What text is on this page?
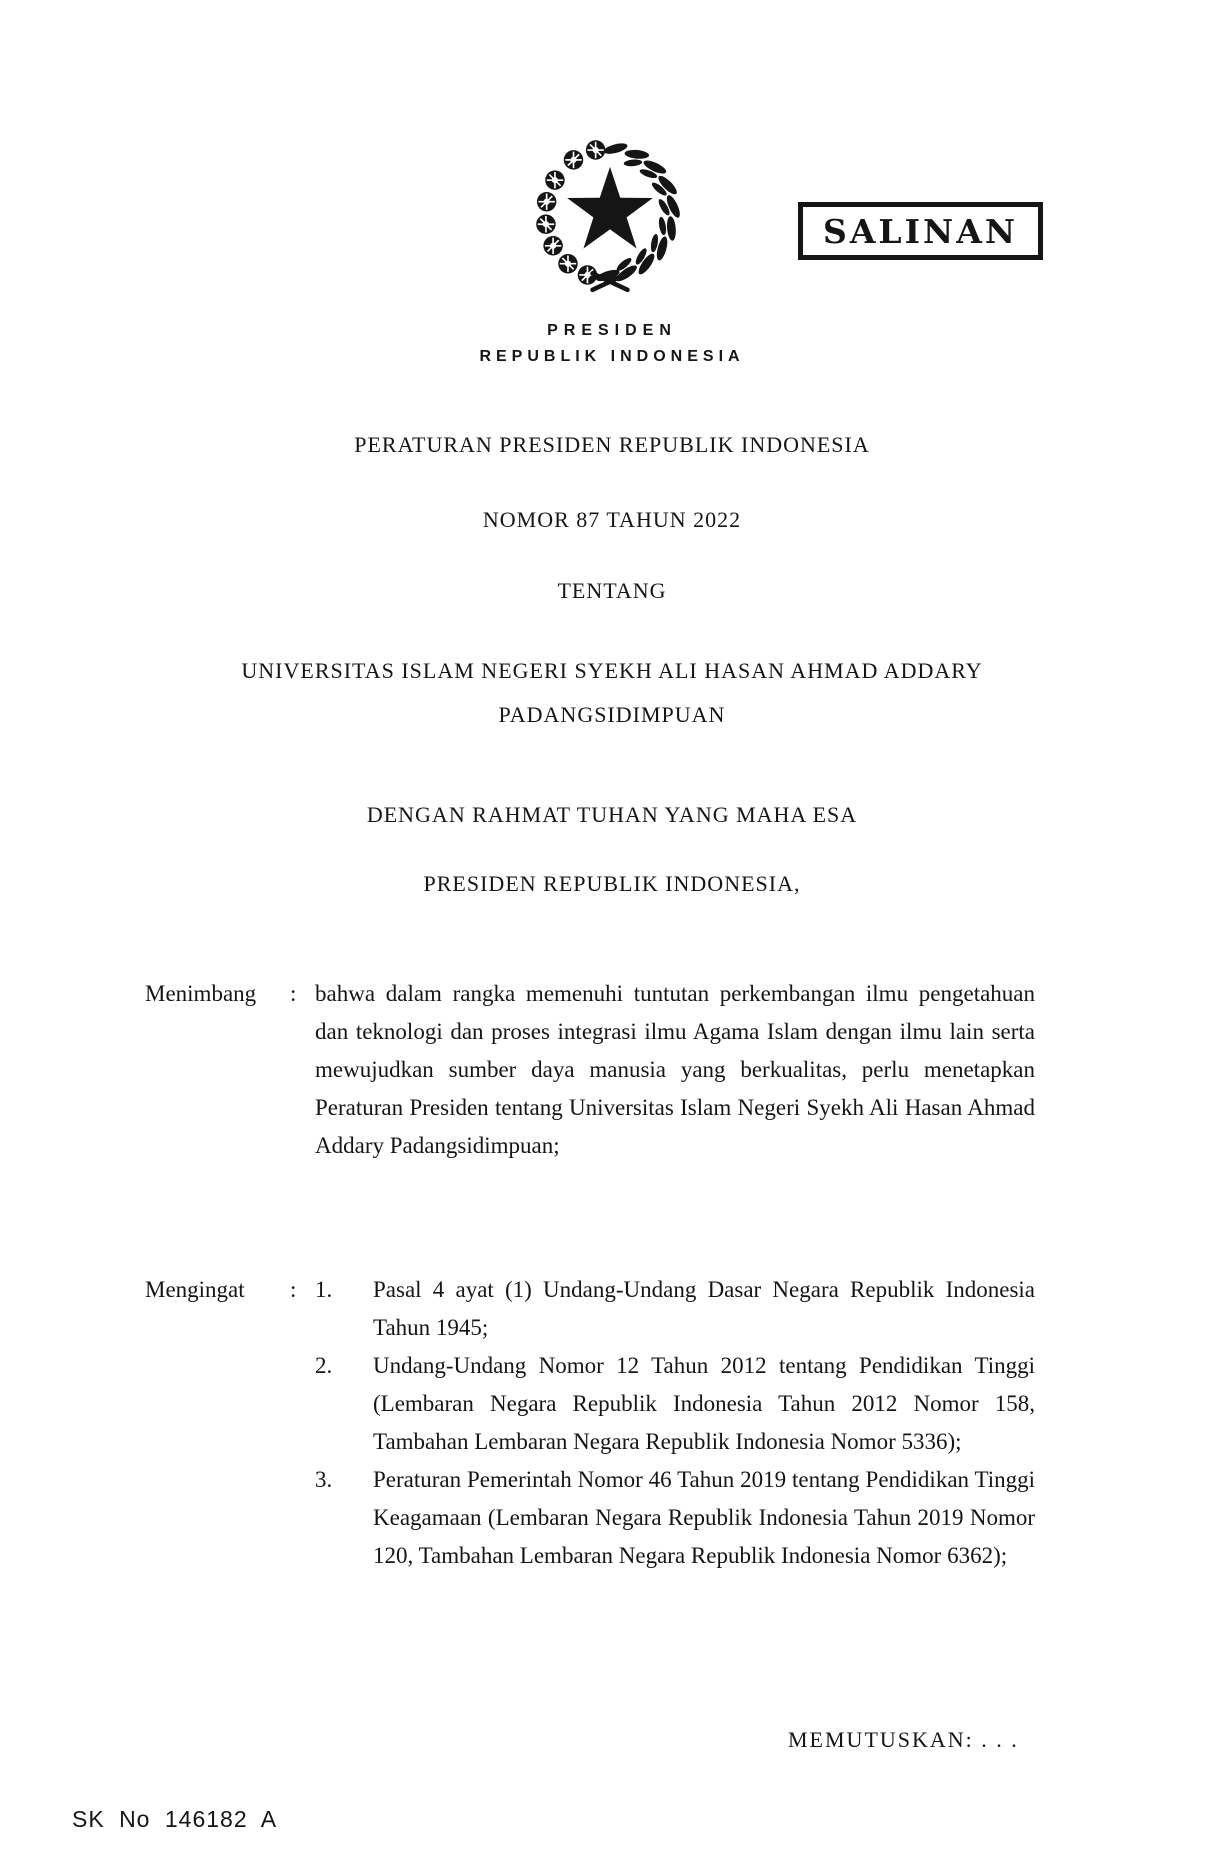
SALINAN
PRESIDEN
REPUBLIK INDONESIA
PERATURAN PRESIDEN REPUBLIK INDONESIA
NOMOR 87 TAHUN 2022
TENTANG
UNIVERSITAS ISLAM NEGERI SYEKH ALI HASAN AHMAD ADDARY PADANGSIDIMPUAN
DENGAN RAHMAT TUHAN YANG MAHA ESA
PRESIDEN REPUBLIK INDONESIA,
Menimbang	: bahwa dalam rangka memenuhi tuntutan perkembangan ilmu pengetahuan dan teknologi dan proses integrasi ilmu Agama Islam dengan ilmu lain serta mewujudkan sumber daya manusia yang berkualitas, perlu menetapkan Peraturan Presiden tentang Universitas Islam Negeri Syekh Ali Hasan Ahmad Addary Padangsidimpuan;
Mengingat	: 1.	Pasal 4 ayat (1) Undang-Undang Dasar Negara Republik Indonesia Tahun 1945;
2.	Undang-Undang Nomor 12 Tahun 2012 tentang Pendidikan Tinggi (Lembaran Negara Republik Indonesia Tahun 2012 Nomor 158, Tambahan Lembaran Negara Republik Indonesia Nomor 5336);
3.	Peraturan Pemerintah Nomor 46 Tahun 2019 tentang Pendidikan Tinggi Keagamaan (Lembaran Negara Republik Indonesia Tahun 2019 Nomor 120, Tambahan Lembaran Negara Republik Indonesia Nomor 6362);
MEMUTUSKAN: . . .
SK No 146182 A
